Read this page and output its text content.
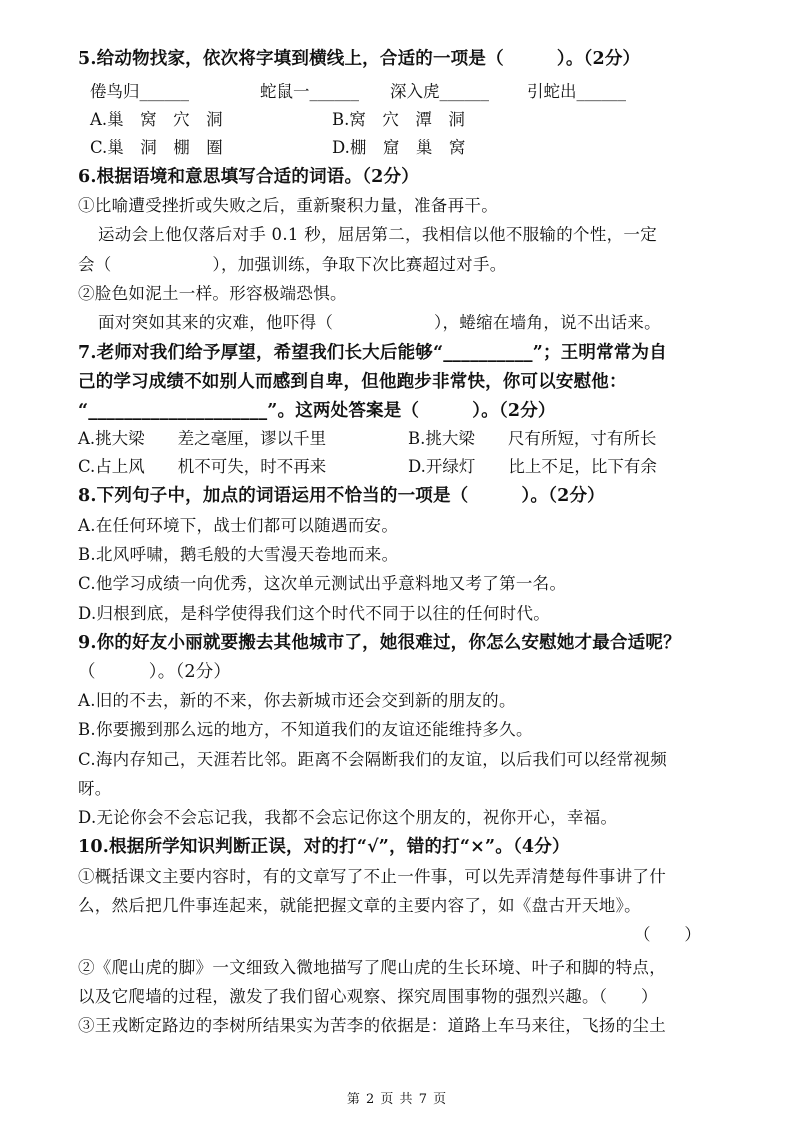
5.给动物找家，依次将字填到横线上，合适的一项是（　　　）。（2分）
倦鸟归______	蛇鼠一______ 深入虎______ 引蛇出______
A.巢　窝　穴　洞	B.窝　穴　潭　洞
C.巢　洞　棚　圈	D.棚　窟　巢　窝
6.根据语境和意思填写合适的词语。（2分）
①比喻遭受挫折或失败之后，重新聚积力量，准备再干。
运动会上他仅落后对手 0.1 秒，屈居第二，我相信以他不服输的个性，一定
会（　　　　　　），加强训练，争取下次比赛超过对手。
②脸色如泥土一样。形容极端恐惧。
面对突如其来的灾难，他吓得（　　　　　　），蜷缩在墙角，说不出话来。
7.老师对我们给予厚望，希望我们长大后能够“__________”；王明常常为自
己的学习成绩不如别人而感到自卑，但他跑步非常快，你可以安慰他：
“____________________”。这两处答案是（　　　）。（2分）
A.挑大梁　　差之毫厘，谬以千里	B.挑大梁　　尺有所短，寸有所长
C.占上风　　机不可失，时不再来	D.开绿灯　　比上不足，比下有余
8.下列句子中，加点的词语运用不恰当的一项是（　　　）。（2分）
A.在任何环境下，战士们都可以随遇而安。
B.北风呼啸，鹅毛般的大雪漫天卷地而来。
C.他学习成绩一向优秀，这次单元测试出乎意料地又考了第一名。
D.归根到底，是科学使得我们这个时代不同于以往的任何时代。
9.你的好友小丽就要搬去其他城市了，她很难过，你怎么安慰她才最合适呢？
（　　　）。（2分）
A.旧的不去，新的不来，你去新城市还会交到新的朋友的。
B.你要搬到那么远的地方，不知道我们的友谊还能维持多久。
C.海内存知己，天涯若比邻。距离不会隔断我们的友谊，以后我们可以经常视频
呀。
D.无论你会不会忘记我，我都不会忘记你这个朋友的，祝你开心，幸福。
10.根据所学知识判断正误，对的打“√”，错的打“×”。（4分）
①概括课文主要内容时，有的文章写了不止一件事，可以先弄清楚每件事讲了什
么，然后把几件事连起来，就能把握文章的主要内容了，如《盘古开天地》。
（　　）
②《爬山虎的脚》一文细致入微地描写了爬山虎的生长环境、叶子和脚的特点，
以及它爬墙的过程，激发了我们留心观察、探究周围事物的强烈兴趣。（　　）
③王戎断定路边的李树所结果实为苦李的依据是：道路上车马来往，飞扬的尘土
第 2 页 共 7 页
